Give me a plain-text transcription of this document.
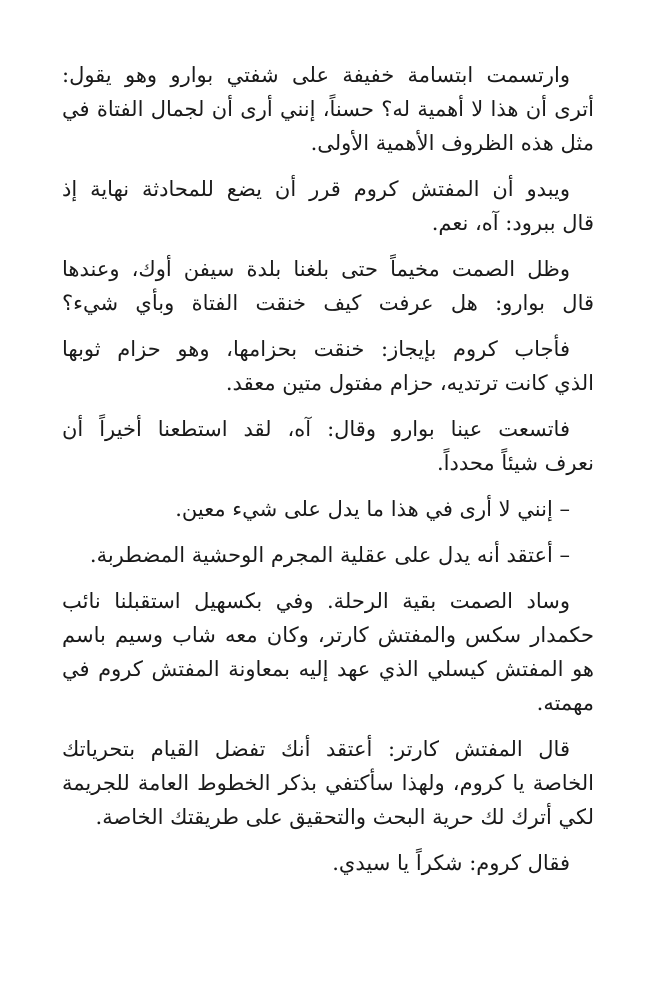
وارتسمت ابتسامة خفيفة على شفتي بوارو وهو يقول:
أترى أن هذا لا أهمية له؟ حسناً، إنني أرى أن لجمال الفتاة في
مثل هذه الظروف الأهمية الأولى.
ويبدو أن المفتش كروم قرر أن يضع للمحادثة نهاية إذ
قال ببرود: آه، نعم.
وظل الصمت مخيماً حتى بلغنا بلدة سيفن أوك، وعندها
قال بوارو: هل عرفت كيف خنقت الفتاة وبأي شيء؟
فأجاب كروم بإيجاز: خنقت بحزامها، وهو حزام ثوبها
الذي كانت ترتديه، حزام مفتول متين معقد.
فاتسعت عينا بوارو وقال: آه، لقد استطعنا أخيراً أن
نعرف شيئاً محدداً.
– إنني لا أرى في هذا ما يدل على شيء معين.
– أعتقد أنه يدل على عقلية المجرم الوحشية المضطربة.
وساد الصمت بقية الرحلة. وفي بكسهيل استقبلنا نائب
حكمدار سكس والمفتش كارتر، وكان معه شاب وسيم باسم
هو المفتش كيسلي الذي عهد إليه بمعاونة المفتش كروم في
مهمته.
قال المفتش كارتر: أعتقد أنك تفضل القيام بتحرياتك
الخاصة يا كروم، ولهذا سأكتفي بذكر الخطوط العامة للجريمة
لكي أترك لك حرية البحث والتحقيق على طريقتك الخاصة.
فقال كروم: شكراً يا سيدي.
